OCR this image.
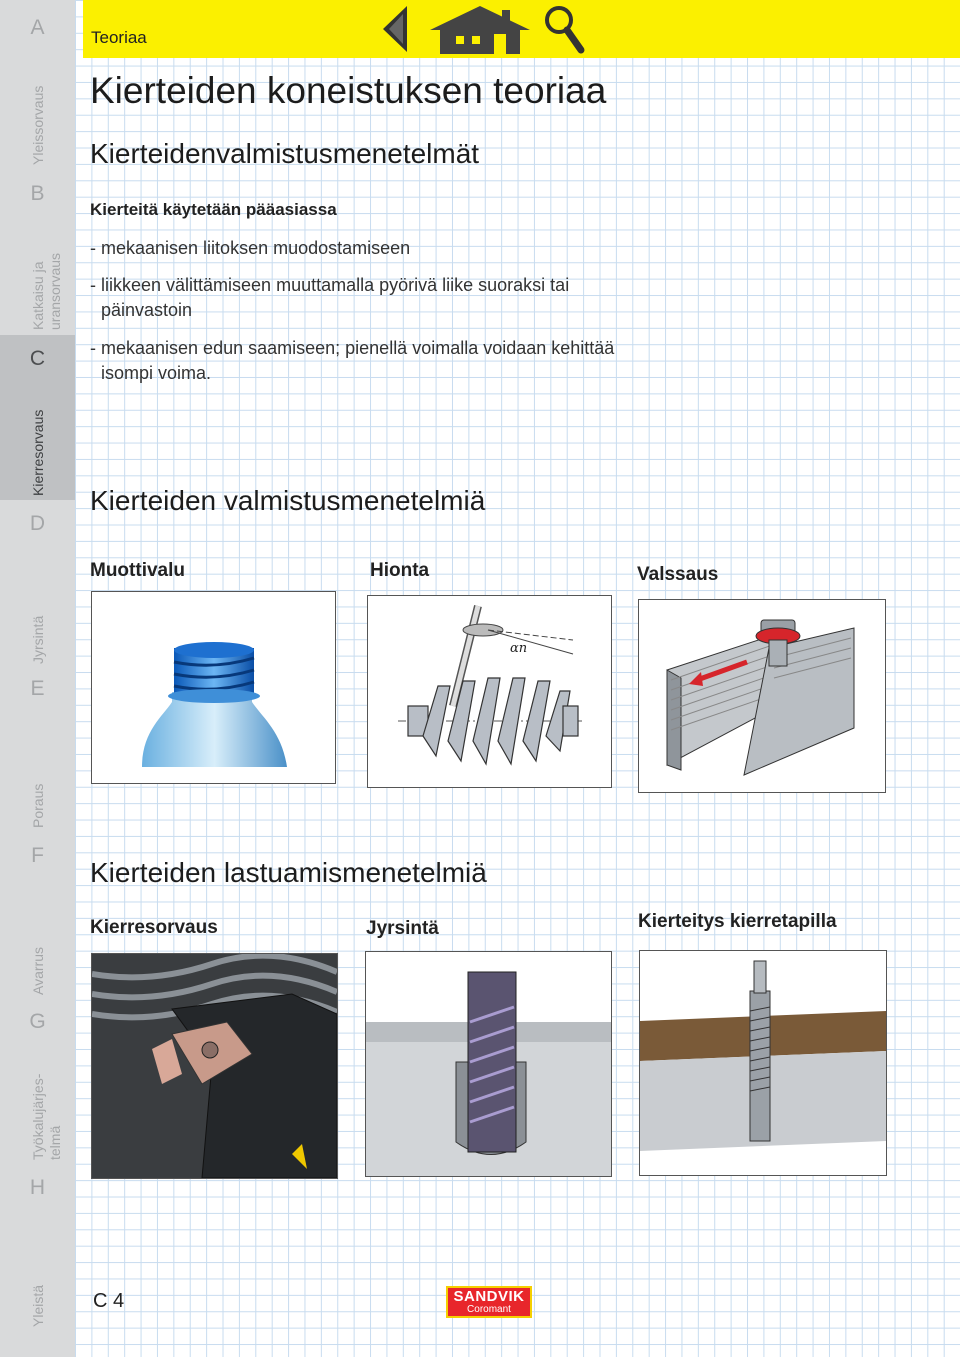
A
B
C
D
E
F
G
H
Yleissorvaus
Katkaisu ja uransorvaus
Kierresorvaus
Jyrsintä
Poraus
Avarrus
Työkalujärjes- telmä
Yleistä
Teoriaa
Kierteiden koneistuksen teoriaa
Kierteidenvalmistusmenetelmät
Kierteitä käytetään pääasiassa
- mekaanisen liitoksen muodostamiseen
- liikkeen välittämiseen muuttamalla pyörivä liike suoraksi tai päinvastoin
- mekaanisen edun saamiseen; pienellä voimalla voidaan kehittää isompi voima.
Kierteiden valmistusmenetelmiä
Muottivalu	Hionta	Valssaus
αn
Kierteiden lastuamismenetelmiä
Kierresorvaus	Jyrsintä	Kierteitys kierretapilla
C 4	SANDVIK
Coromant
